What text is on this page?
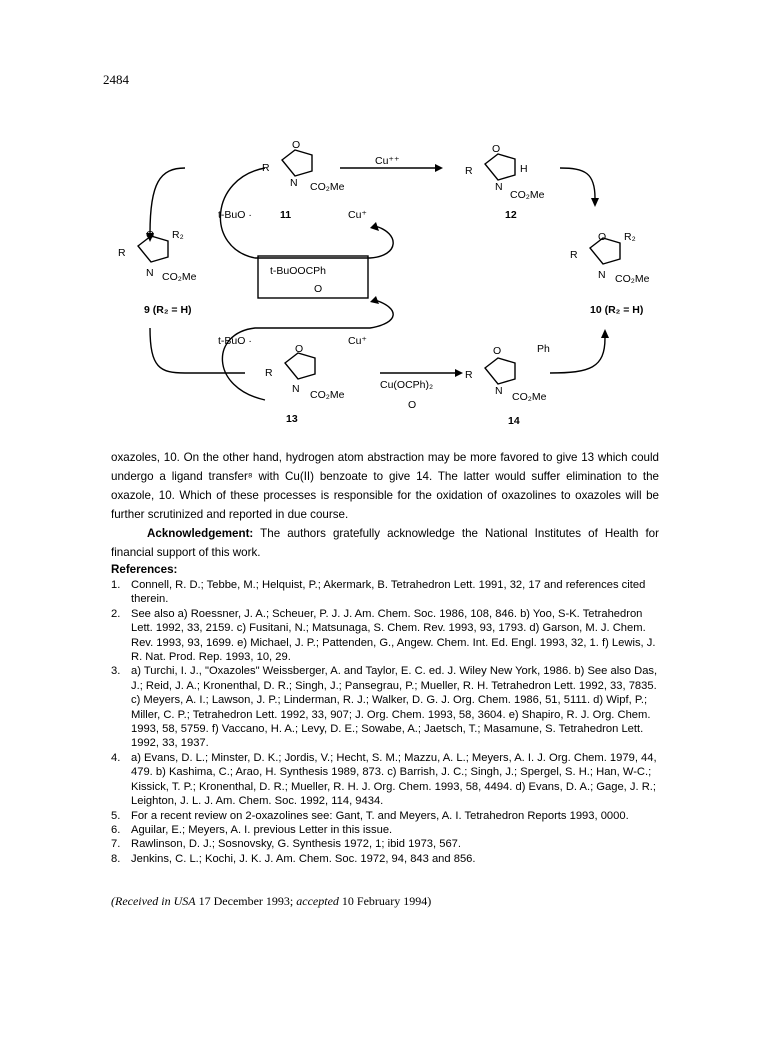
2484
R
O
N CO₂Me
11
t-BuO ·	Cu⁺
Cu⁺⁺
R
O
H
N
CO₂Me
12
R
O R₂
N CO₂Me
9 (R₂ = H)
t-BuOOCPh
O
R
O R₂
N CO₂Me
10 (R₂ = H)
t-BuO ·	Cu⁺
R
O
N CO₂Me
13
Cu(OCPh)₂
O
R
O	Ph
N CO₂Me
14

oxazoles, 10. On the other hand, hydrogen atom abstraction may be more favored to give 13 which could undergo a ligand transfer⁸ with Cu(II) benzoate to give 14. The latter would suffer elimination to the oxazole, 10. Which of these processes is responsible for the oxidation of oxazolines to oxazoles will be further scrutinized and reported in due course.

Acknowledgement: The authors gratefully acknowledge the National Institutes of Health for financial support of this work.

References:

1. Connell, R. D.; Tebbe, M.; Helquist, P.; Akermark, B. Tetrahedron Lett. 1991, 32, 17 and references cited therein.
2. See also a) Roessner, J. A.; Scheuer, P. J. J. Am. Chem. Soc. 1986, 108, 846. b) Yoo, S-K. Tetrahedron Lett. 1992, 33, 2159. c) Fusitani, N.; Matsunaga, S. Chem. Rev. 1993, 93, 1793. d) Garson, M. J. Chem. Rev. 1993, 93, 1699. e) Michael, J. P.; Pattenden, G., Angew. Chem. Int. Ed. Engl. 1993, 32, 1. f) Lewis, J. R. Nat. Prod. Rep. 1993, 10, 29.
3. a) Turchi, I. J., "Oxazoles" Weissberger, A. and Taylor, E. C. ed. J. Wiley New York, 1986. b) See also Das, J.; Reid, J. A.; Kronenthal, D. R.; Singh, J.; Pansegrau, P.; Mueller, R. H. Tetrahedron Lett. 1992, 33, 7835. c) Meyers, A. I.; Lawson, J. P.; Linderman, R. J.; Walker, D. G. J. Org. Chem. 1986, 51, 5111. d) Wipf, P.; Miller, C. P.; Tetrahedron Lett. 1992, 33, 907; J. Org. Chem. 1993, 58, 3604. e) Shapiro, R. J. Org. Chem. 1993, 58, 5759. f) Vaccano, H. A.; Levy, D. E.; Sowabe, A.; Jaetsch, T.; Masamune, S. Tetrahedron Lett. 1992, 33, 1937.
4. a) Evans, D. L.; Minster, D. K.; Jordis, V.; Hecht, S. M.; Mazzu, A. L.; Meyers, A. I. J. Org. Chem. 1979, 44, 479. b) Kashima, C.; Arao, H. Synthesis 1989, 873. c) Barrish, J. C.; Singh, J.; Spergel, S. H.; Han, W-C.; Kissick, T. P.; Kronenthal, D. R.; Mueller, R. H. J. Org. Chem. 1993, 58, 4494. d) Evans, D. A.; Gage, J. R.; Leighton, J. L. J. Am. Chem. Soc. 1992, 114, 9434.
5. For a recent review on 2-oxazolines see: Gant, T. and Meyers, A. I. Tetrahedron Reports 1993, 0000.
6. Aguilar, E.; Meyers, A. I. previous Letter in this issue.
7. Rawlinson, D. J.; Sosnovsky, G. Synthesis 1972, 1; ibid 1973, 567.
8. Jenkins, C. L.; Kochi, J. K. J. Am. Chem. Soc. 1972, 94, 843 and 856.
(Received in USA 17 December 1993; accepted 10 February 1994)
